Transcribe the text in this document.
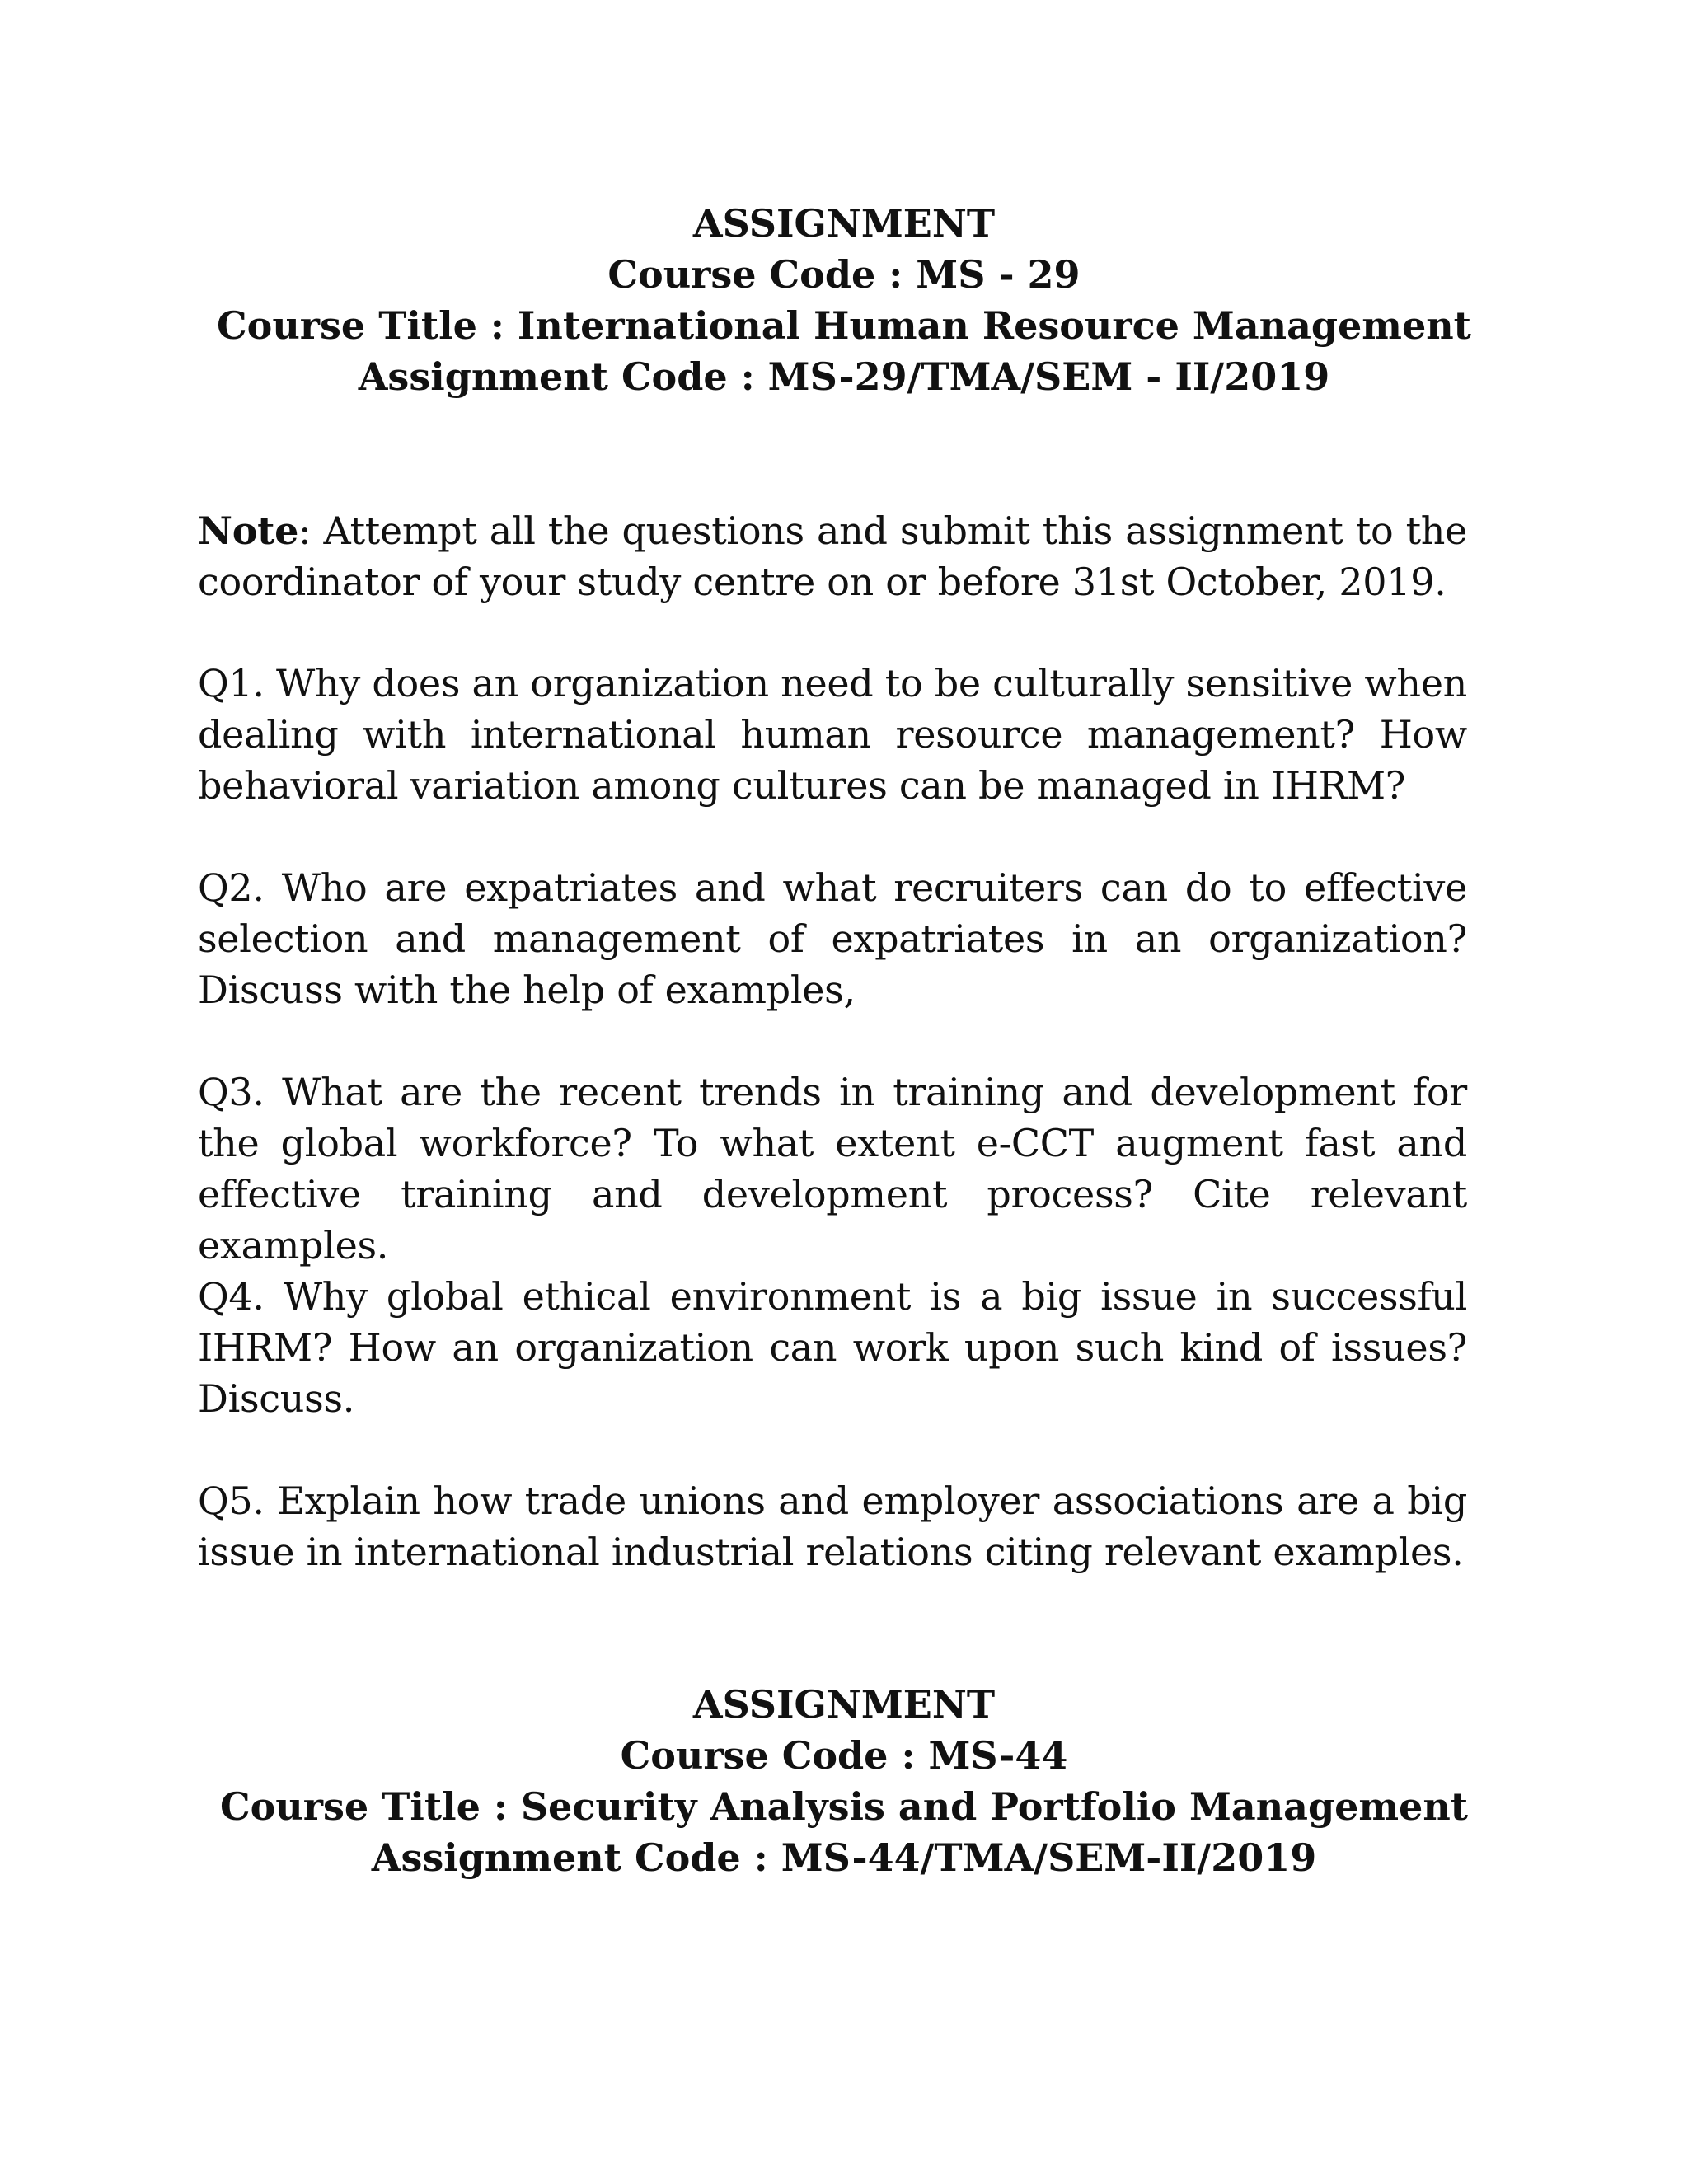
ASSIGNMENT
Course Code : MS - 29
Course Title : International Human Resource Management
Assignment Code : MS-29/TMA/SEM - II/2019
Note: Attempt all the questions and submit this assignment to the coordinator of your study centre on or before 31st October, 2019.
Q1. Why does an organization need to be culturally sensitive when dealing with international human resource management? How behavioral variation among cultures can be managed in IHRM?
Q2. Who are expatriates and what recruiters can do to effective selection and management of expatriates in an organization? Discuss with the help of examples,
Q3. What are the recent trends in training and development for the global workforce? To what extent e-CCT augment fast and effective training and development process? Cite relevant examples.
Q4. Why global ethical environment is a big issue in successful IHRM? How an organization can work upon such kind of issues? Discuss.
Q5. Explain how trade unions and employer associations are a big issue in international industrial relations citing relevant examples.
ASSIGNMENT
Course Code : MS-44
Course Title : Security Analysis and Portfolio Management
Assignment Code : MS-44/TMA/SEM-II/2019
